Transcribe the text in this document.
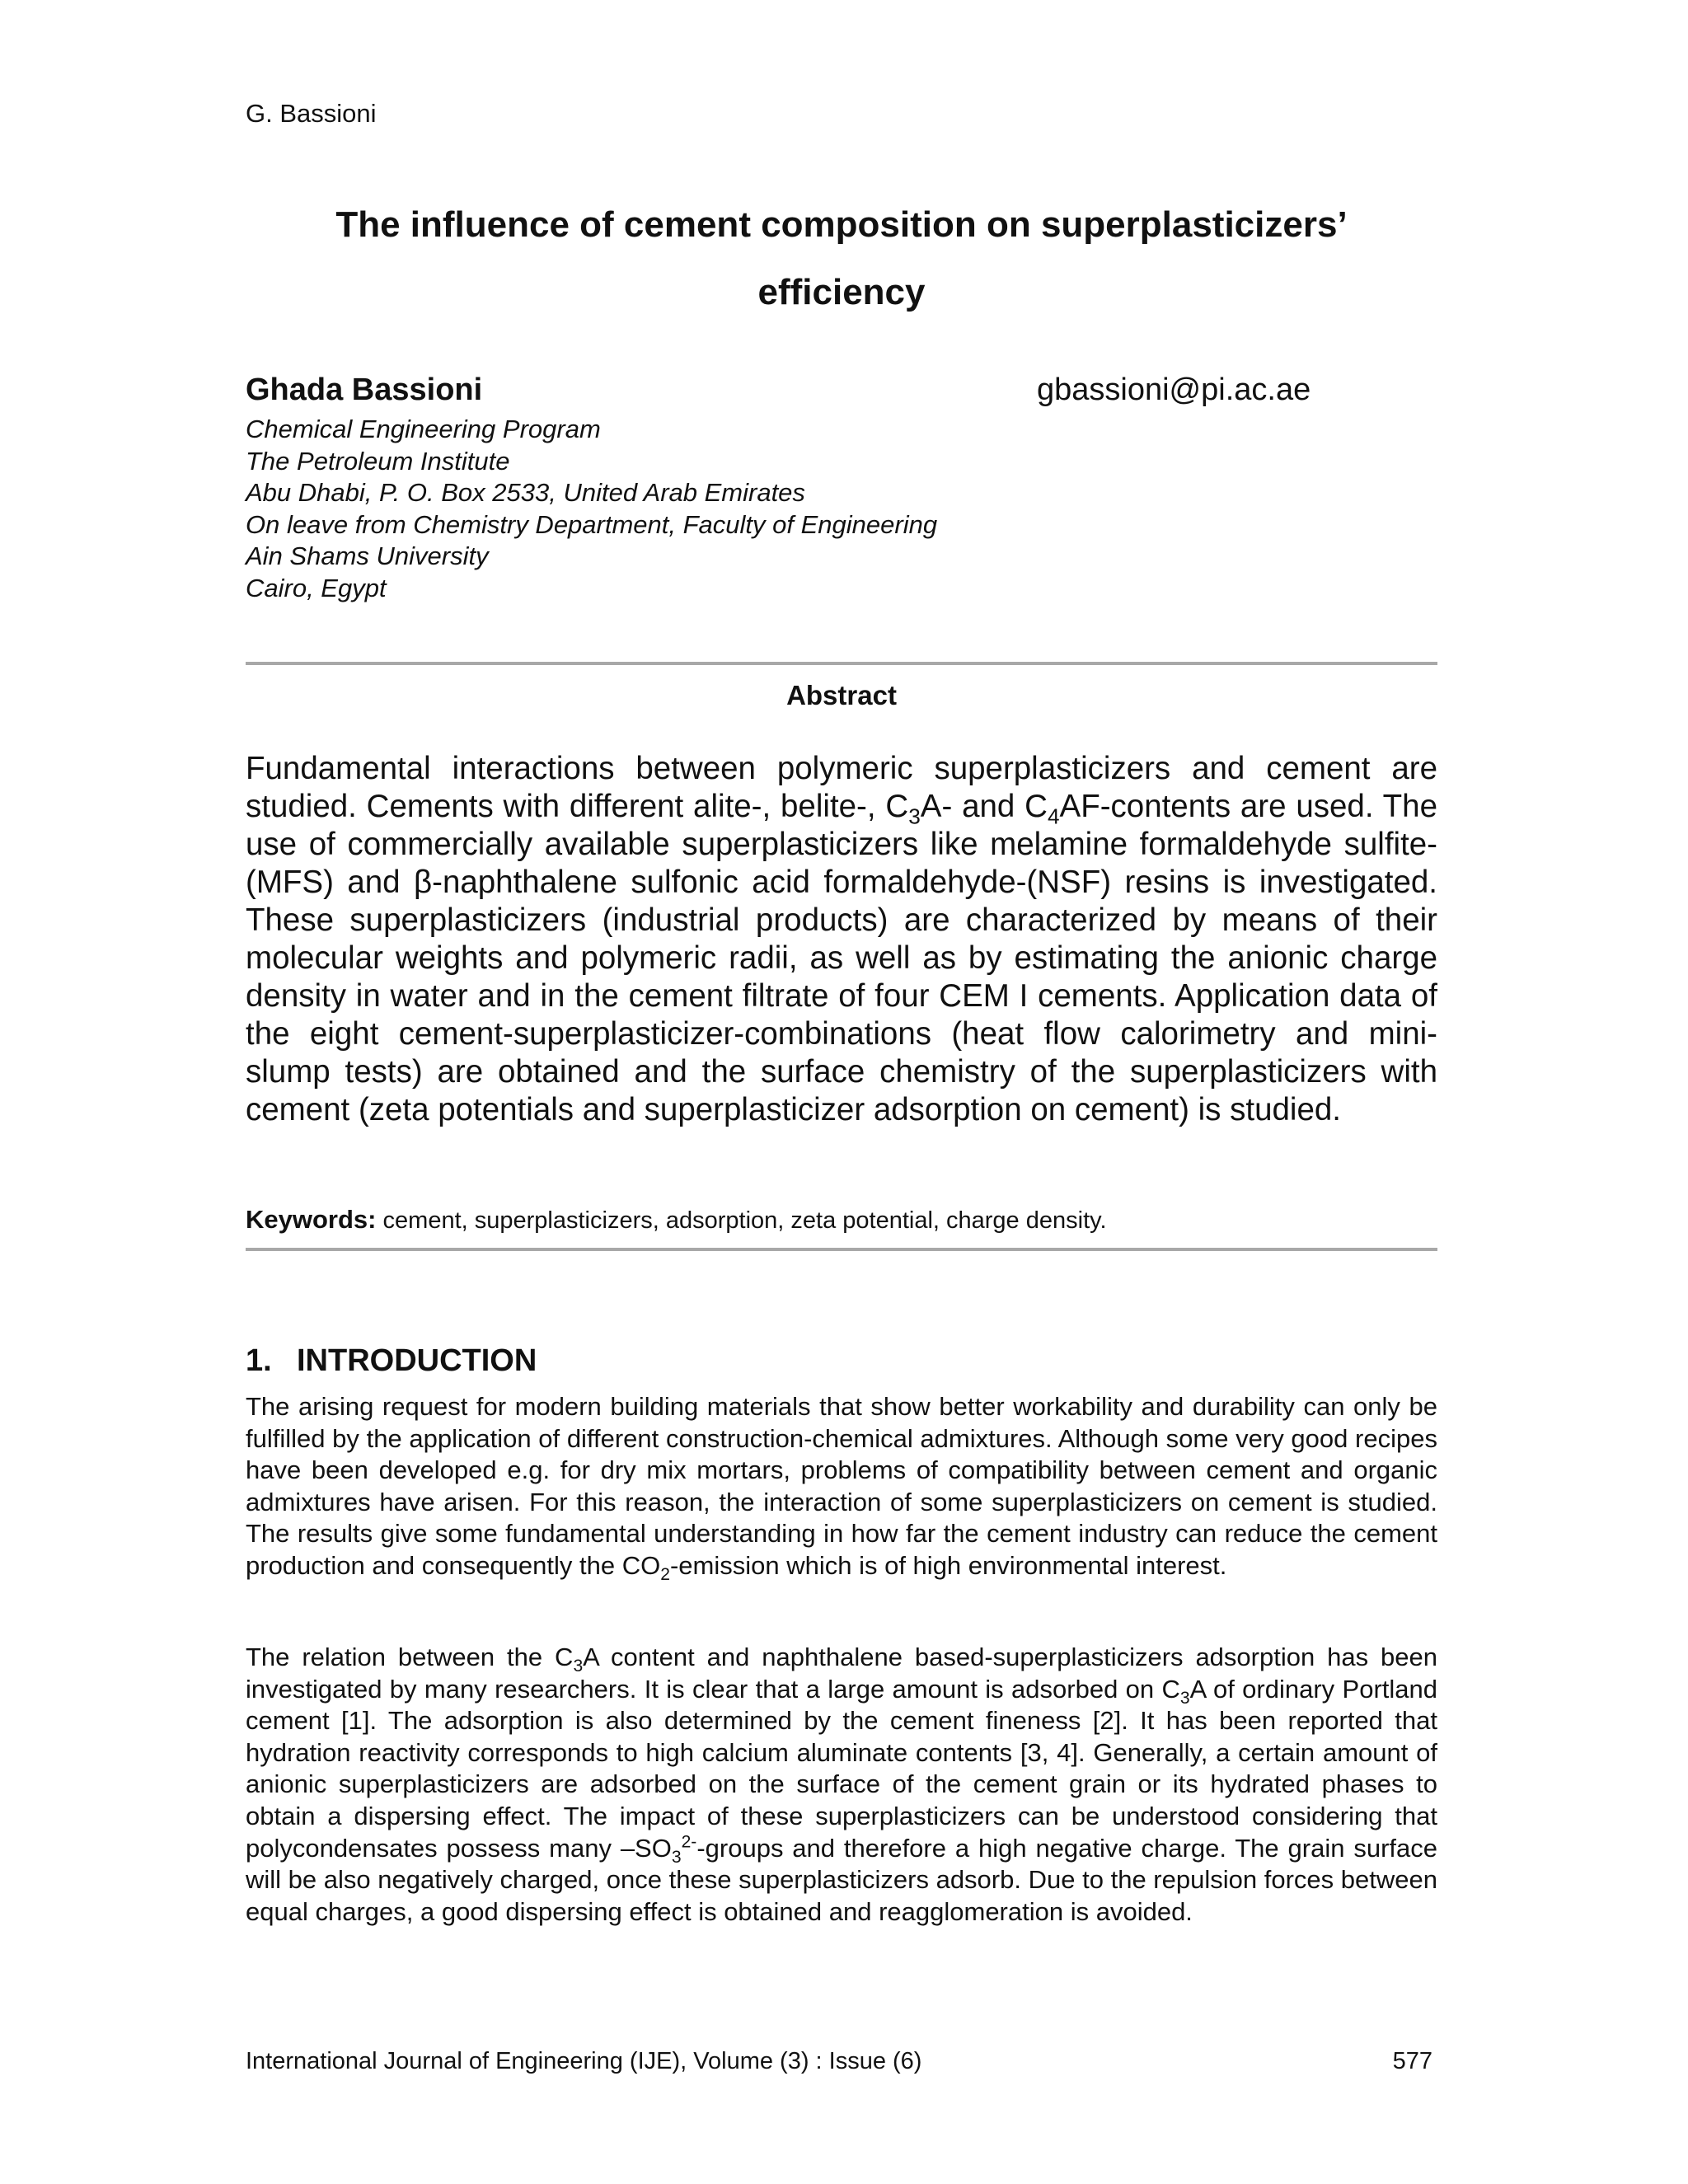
G. Bassioni
The influence of cement composition on superplasticizers’
efficiency
Ghada Bassioni	gbassioni@pi.ac.ae
Chemical Engineering Program
The Petroleum Institute
Abu Dhabi, P. O. Box 2533, United Arab Emirates
On leave from Chemistry Department, Faculty of Engineering
Ain Shams University
Cairo, Egypt
Abstract
Fundamental interactions between polymeric superplasticizers and cement are studied. Cements with different alite-, belite-, $C_3A-$ and $C_4AF$-contents are used. The use of commercially available superplasticizers like melamine formaldehyde sulfite- (MFS) and β-naphthalene sulfonic acid formaldehyde-(NSF) resins is investigated. These superplasticizers (industrial products) are characterized by means of their molecular weights and polymeric radii, as well as by estimating the anionic charge density in water and in the cement filtrate of four CEM I cements. Application data of the eight cement-superplasticizer-combinations (heat flow calorimetry and mini-slump tests) are obtained and the surface chemistry of the superplasticizers with cement (zeta potentials and superplasticizer adsorption on cement) is studied.
Keywords: cement, superplasticizers, adsorption, zeta potential, charge density.
1. INTRODUCTION
The arising request for modern building materials that show better workability and durability can only be fulfilled by the application of different construction-chemical admixtures. Although some very good recipes have been developed e.g. for dry mix mortars, problems of compatibility between cement and organic admixtures have arisen. For this reason, the interaction of some superplasticizers on cement is studied. The results give some fundamental understanding in how far the cement industry can reduce the cement production and consequently the $CO_2$-emission which is of high environmental interest.
The relation between the $C_3A$ content and naphthalene based-superplasticizers adsorption has been investigated by many researchers. It is clear that a large amount is adsorbed on $C_3A$ of ordinary Portland cement [1]. The adsorption is also determined by the cement fineness [2]. It has been reported that hydration reactivity corresponds to high calcium aluminate contents [3, 4]. Generally, a certain amount of anionic superplasticizers are adsorbed on the surface of the cement grain or its hydrated phases to obtain a dispersing effect. The impact of these superplasticizers can be understood considering that polycondensates possess many $-SO_3^{2-}$-groups and therefore a high negative charge. The grain surface will be also negatively charged, once these superplasticizers adsorb. Due to the repulsion forces between equal charges, a good dispersing effect is obtained and reagglomeration is avoided.
International Journal of Engineering (IJE), Volume (3) : Issue (6)	577
